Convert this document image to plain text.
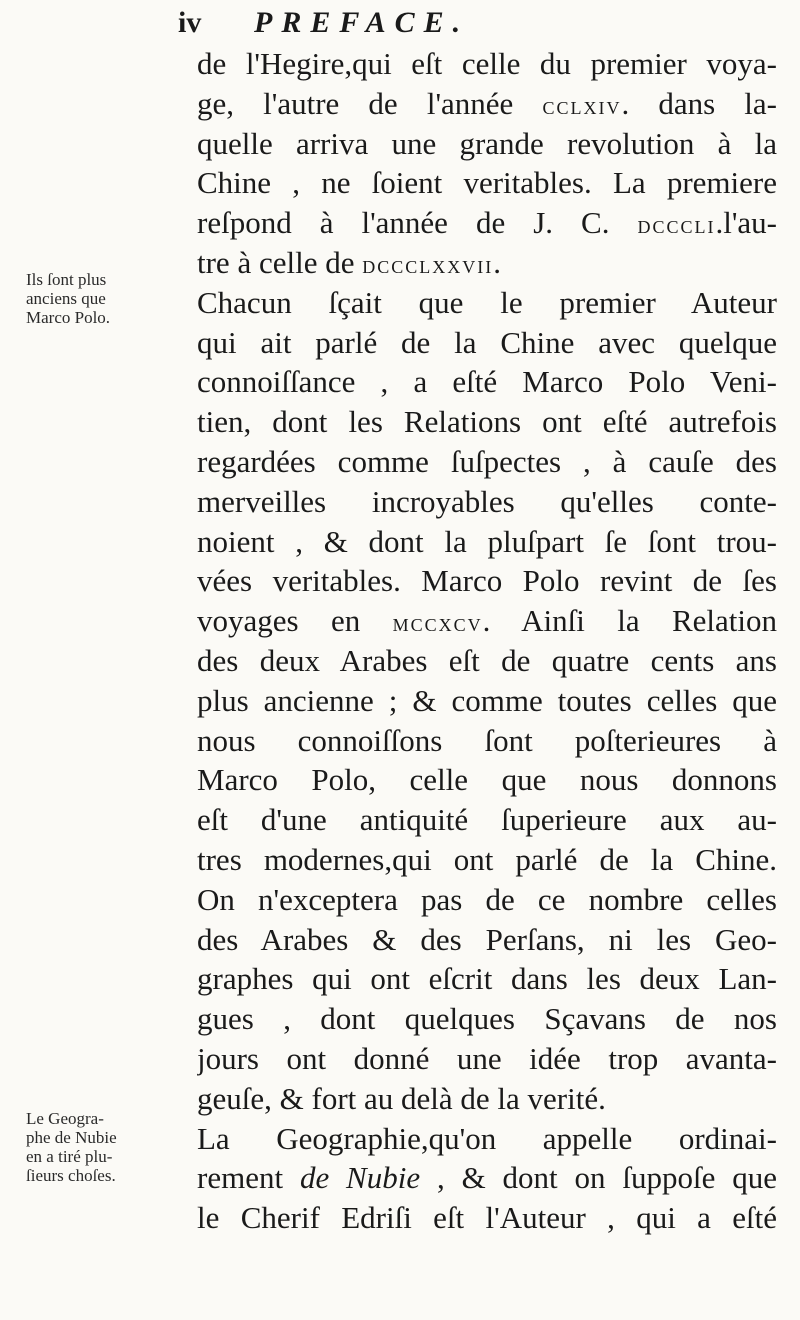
iv PREFACE.
de l'Hegire,qui eſt celle du premier voya-
ge, l'autre de l'année cclxiv. dans la-
quelle arriva une grande revolution à la
Chine , ne ſoient veritables. La premiere
reſpond à l'année de J. C. dccclı.l'au-
tre à celle de dccclxxvıı.
Chacun ſçait que le premier Auteur
qui ait parlé de la Chine avec quelque
connoiſſance , a eſté Marco Polo Veni-
tien, dont les Relations ont eſté autrefois
regardées comme ſuſpectes , à cauſe des
merveilles incroyables qu'elles conte-
noient , & dont la pluſpart ſe ſont trou-
vées veritables. Marco Polo revint de ſes
voyages en mccxcv. Ainſi la Relation
des deux Arabes eſt de quatre cents ans
plus ancienne ; & comme toutes celles que
nous connoiſſons ſont poſterieures à
Marco Polo, celle que nous donnons
eſt d'une antiquité ſuperieure aux au-
tres modernes,qui ont parlé de la Chine.
On n'exceptera pas de ce nombre celles
des Arabes & des Perſans, ni les Geo-
graphes qui ont eſcrit dans les deux Lan-
gues , dont quelques Sçavans de nos
jours ont donné une idée trop avanta-
geuſe, & fort au delà de la verité.
La Geographie,qu'on appelle ordinai-
rement de Nubie , & dont on ſuppoſe que
le Cherif Edriſi eſt l'Auteur , qui a eſté
Ils ſont plus
anciens que
Marco Polo.
Le Geogra-
phe de Nubie
en a tiré plu-
ſieurs choſes.
